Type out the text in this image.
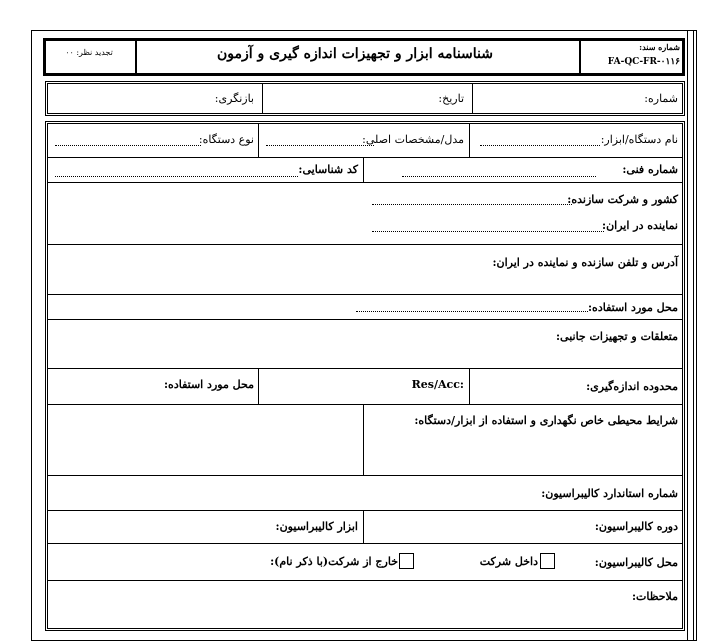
تجدید نظر: ۰۰	شناسنامه ابزار و تجهیزات اندازه گیری و آزمون	شماره سند:
FA-QC-FR-۰۱۱۶
شماره:
تاریخ:
بازنگری:
نام دستگاه/ابزار:
مدل/مشخصات اصلی:
نوع دستگاه:
شماره فنی:
کد شناسایی:
کشور و شرکت سازنده:
نماینده در ایران:
آدرس و تلفن سازنده و نماینده در ایران:
محل مورد استفاده:
متعلقات و تجهیزات جانبی:
محدوده اندازه‌گیری:
Res/Acc:
محل مورد استفاده:
شرایط محیطی خاص نگهداری و استفاده از ابزار/دستگاه:
شماره استاندارد کالیبراسیون:
دوره کالیبراسیون:
ابزار کالیبراسیون:
محل کالیبراسیون:
داخل شرکت
خارج از شرکت(با ذکر نام):
ملاحظات:
